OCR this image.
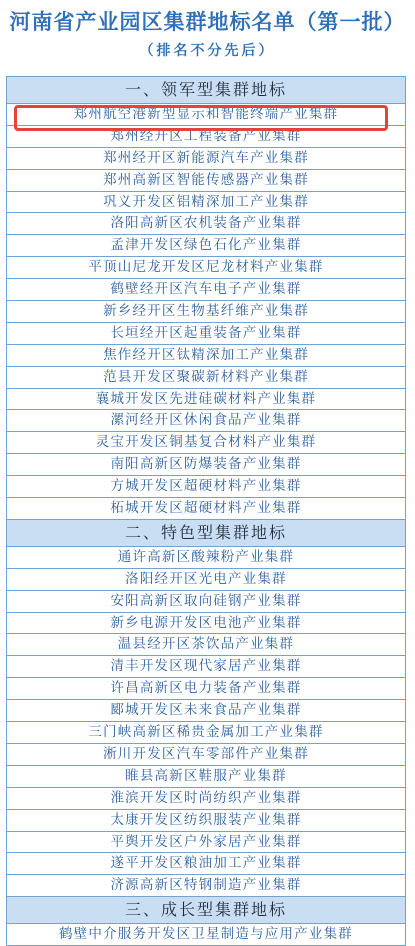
河南省产业园区集群地标名单（第一批）
（排名不分先后）
一、领军型集群地标
郑州航空港新型显示和智能终端产业集群
郑州经开区工程装备产业集群
郑州经开区新能源汽车产业集群
郑州高新区智能传感器产业集群
巩义开发区铝精深加工产业集群
洛阳高新区农机装备产业集群
孟津开发区绿色石化产业集群
平顶山尼龙开发区尼龙材料产业集群
鹤壁经开区汽车电子产业集群
新乡经开区生物基纤维产业集群
长垣经开区起重装备产业集群
焦作经开区钛精深加工产业集群
范县开发区聚碳新材料产业集群
襄城开发区先进硅碳材料产业集群
漯河经开区休闲食品产业集群
灵宝开发区铜基复合材料产业集群
南阳高新区防爆装备产业集群
方城开发区超硬材料产业集群
柘城开发区超硬材料产业集群
二、特色型集群地标
通许高新区酸辣粉产业集群
洛阳经开区光电产业集群
安阳高新区取向硅钢产业集群
新乡电源开发区电池产业集群
温县经开区茶饮品产业集群
清丰开发区现代家居产业集群
许昌高新区电力装备产业集群
郾城开发区未来食品产业集群
三门峡高新区稀贵金属加工产业集群
淅川开发区汽车零部件产业集群
睢县高新区鞋服产业集群
淮滨开发区时尚纺织产业集群
太康开发区纺织服装产业集群
平舆开发区户外家居产业集群
遂平开发区粮油加工产业集群
济源高新区特钢制造产业集群
三、成长型集群地标
鹤壁中介服务开发区卫星制造与应用产业集群
◦
